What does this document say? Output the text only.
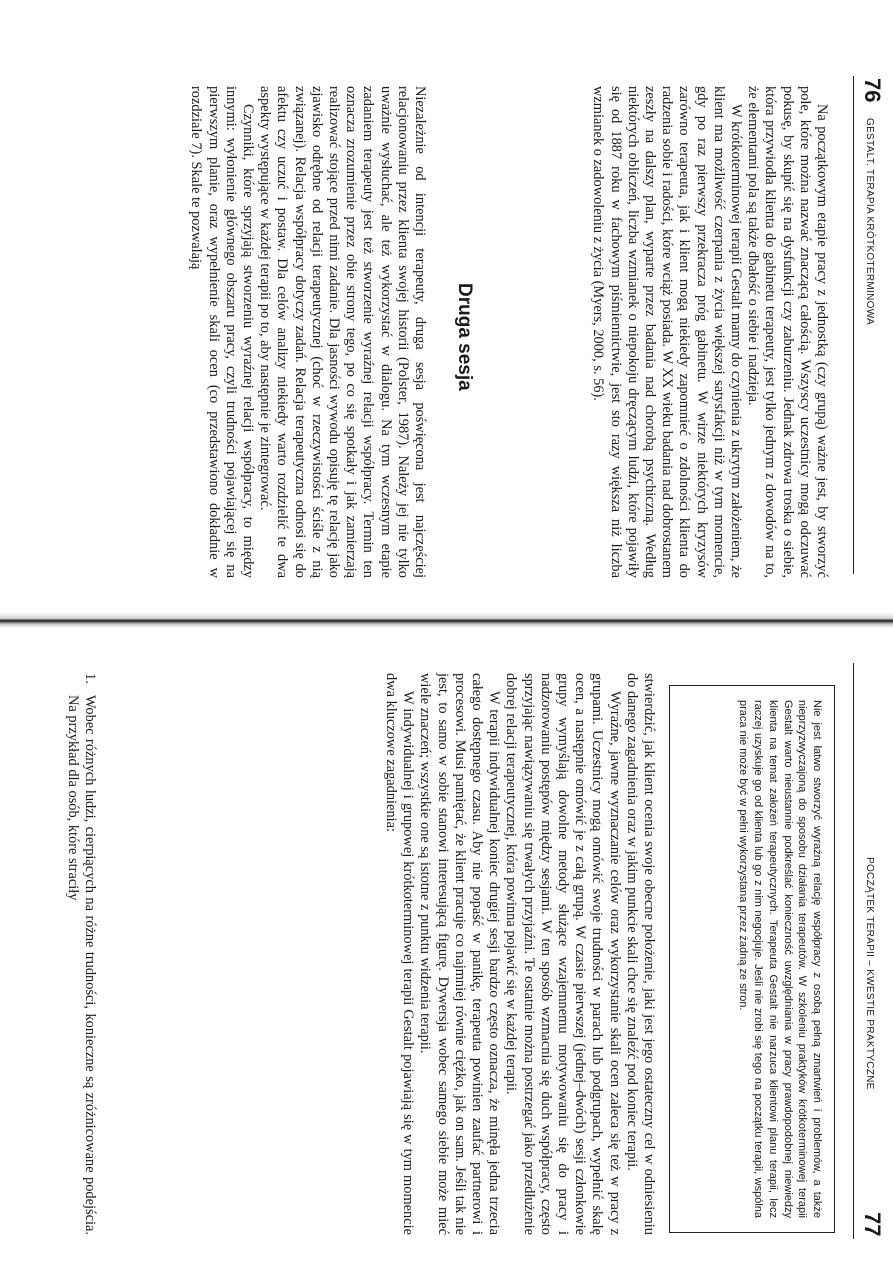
76
GESTALT. TERAPIA KRÓTKOTERMINOWA

Na początkowym etapie pracy z jednostką (czy grupą) ważne jest, by stworzyć pole, które można nazwać znaczącą całością. Wszyscy uczestnicy mogą odczuwać pokusę, by skupić się na dysfunkcji czy zaburzeniu. Jednak zdrowa troska o siebie, która przywiodła klienta do gabinetu terapeuty, jest tylko jednym z dowodów na to, że elementami pola są także dbałość o siebie i nadzieja.

W krótkoterminowej terapii Gestalt mamy do czynienia z ukrytym założeniem, że klient ma możliwość czerpania z życia większej satysfakcji niż w tym momencie, gdy po raz pierwszy przekracza próg gabinetu. W wirze niektórych kryzysów zarówno terapeuta, jak i klient mogą niekiedy zapomnieć o zdolności klienta do radzenia sobie i radości, które wciąż posiada. W XX wieku badania nad dobrostanem zeszły na dalszy plan, wyparte przez badania nad chorobą psychiczną. Według niektórych obliczeń, liczba wzmianek o niepokoju dręczącym ludzi, które pojawiły się od 1887 roku w fachowym piśmiennictwie, jest sto razy większa niż liczba wzmianek o zadowoleniu z życia (Myers, 2000, s. 56).

Druga sesja

Niezależnie od intencji terapeuty, druga sesja poświęcona jest najczęściej relacjonowaniu przez klienta swojej historii (Polster, 1987). Należy jej nie tylko uważnie wysłuchać, ale też wykorzystać w dialogu. Na tym wczesnym etapie zadaniem terapeuty jest też stworzenie wyraźnej relacji współpracy. Termin ten oznacza zrozumienie przez obie strony tego, po co się spotkały i jak zamierzają realizować stojące przed nimi zadanie. Dla jasności wywodu opisuję tę relację jako zjawisko odrębne od relacji terapeutycznej (choć w rzeczywistości ściśle z nią związanej). Relacja współpracy dotyczy zadań. Relacja terapeutyczna odnosi się do afektu czy uczuć i postaw. Dla celów analizy niekiedy warto rozdzielić te dwa aspekty występujące w każdej terapii po to, aby następnie je zintegrować.

Czynniki, które sprzyjają stworzeniu wyraźnej relacji współpracy, to między innymi: wyłonienie głównego obszaru pracy, czyli trudności pojawiającej się na pierwszym planie, oraz wypełnienie skali ocen (co przedstawiono dokładnie w rozdziale 7). Skale te pozwalają

POCZĄTEK TERAPII – KWESTIE PRAKTYCZNE
77

Nie jest łatwo stworzyć wyraźną relację współpracy z osobą pełną zmartwień i problemów, a także nieprzyzwyczajoną do sposobu działania terapeutów. W szkoleniu praktyków krótkoterminowej terapii Gestalt warto nieustannie podkreślać konieczność uwzględniania w pracy prawdopodobnej niewiedzy klienta na temat założeń terapeutycznych. Terapeuta Gestalt nie narzuca klientowi planu terapii, lecz raczej uzyskuje go od klienta lub go z nim negocjuje. Jeśli nie zrobi się tego na początku terapii, wspólna praca nie może być w pełni wykorzystana przez żadną ze stron.

stwierdzić, jak klient ocenia swoje obecne położenie, jaki jest jego ostateczny cel w odniesieniu do danego zagadnienia oraz w jakim punkcie skali chce się znaleźć pod koniec terapii.

Wyraźne, jawne wyznaczanie celów oraz wykorzystanie skali ocen zaleca się też w pracy z grupami. Uczestnicy mogą omówić swoje trudności w parach lub podgrupach, wypełnić skalę ocen, a następnie omówić je z całą grupą. W czasie pierwszej (jednej–dwóch) sesji członkowie grupy wymyślają dowolne metody służące wzajemnemu motywowaniu się do pracy i nadzorowaniu postępów między sesjami. W ten sposób wzmacnia się duch współpracy, często sprzyjając nawiązywaniu się trwałych przyjaźni. Te ostatnie można postrzegać jako przedłużenie dobrej relacji terapeutycznej, która powinna pojawić się w każdej terapii.

W terapii indywidualnej koniec drugiej sesji bardzo często oznacza, że minęła jedna trzecia całego dostępnego czasu. Aby nie popaść w panikę, terapeuta powinien zaufać partnerowi i procesowi. Musi pamiętać, że klient pracuje co najmniej równie ciężko, jak on sam. Jeśli tak nie jest, to samo w sobie stanowi interesującą figurę. Dywersja wobec samego siebie może mieć wiele znaczeń; wszystkie one są istotne z punktu widzenia terapii.

W indywidualnej i grupowej krótkoterminowej terapii Gestalt pojawiają się w tym momencie dwa kluczowe zagadnienia:

1.
Wobec różnych ludzi, cierpiących na różne trudności, konieczne są zróżnicowane podejścia. Na przykład dla osób, które straciły
